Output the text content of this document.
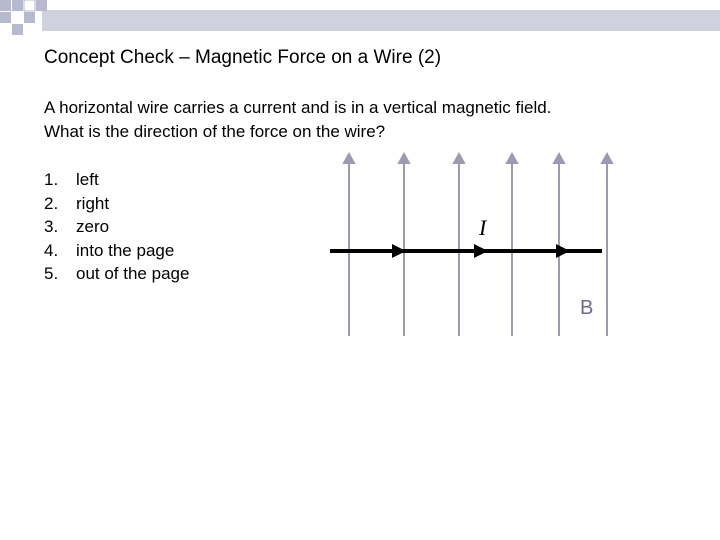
Concept Check – Magnetic Force on a Wire (2)
A horizontal wire carries a current and is in a vertical magnetic field.
What is the direction of the force on the wire?
1. left
2. right
3. zero
4. into the page
5. out of the page
I
B
